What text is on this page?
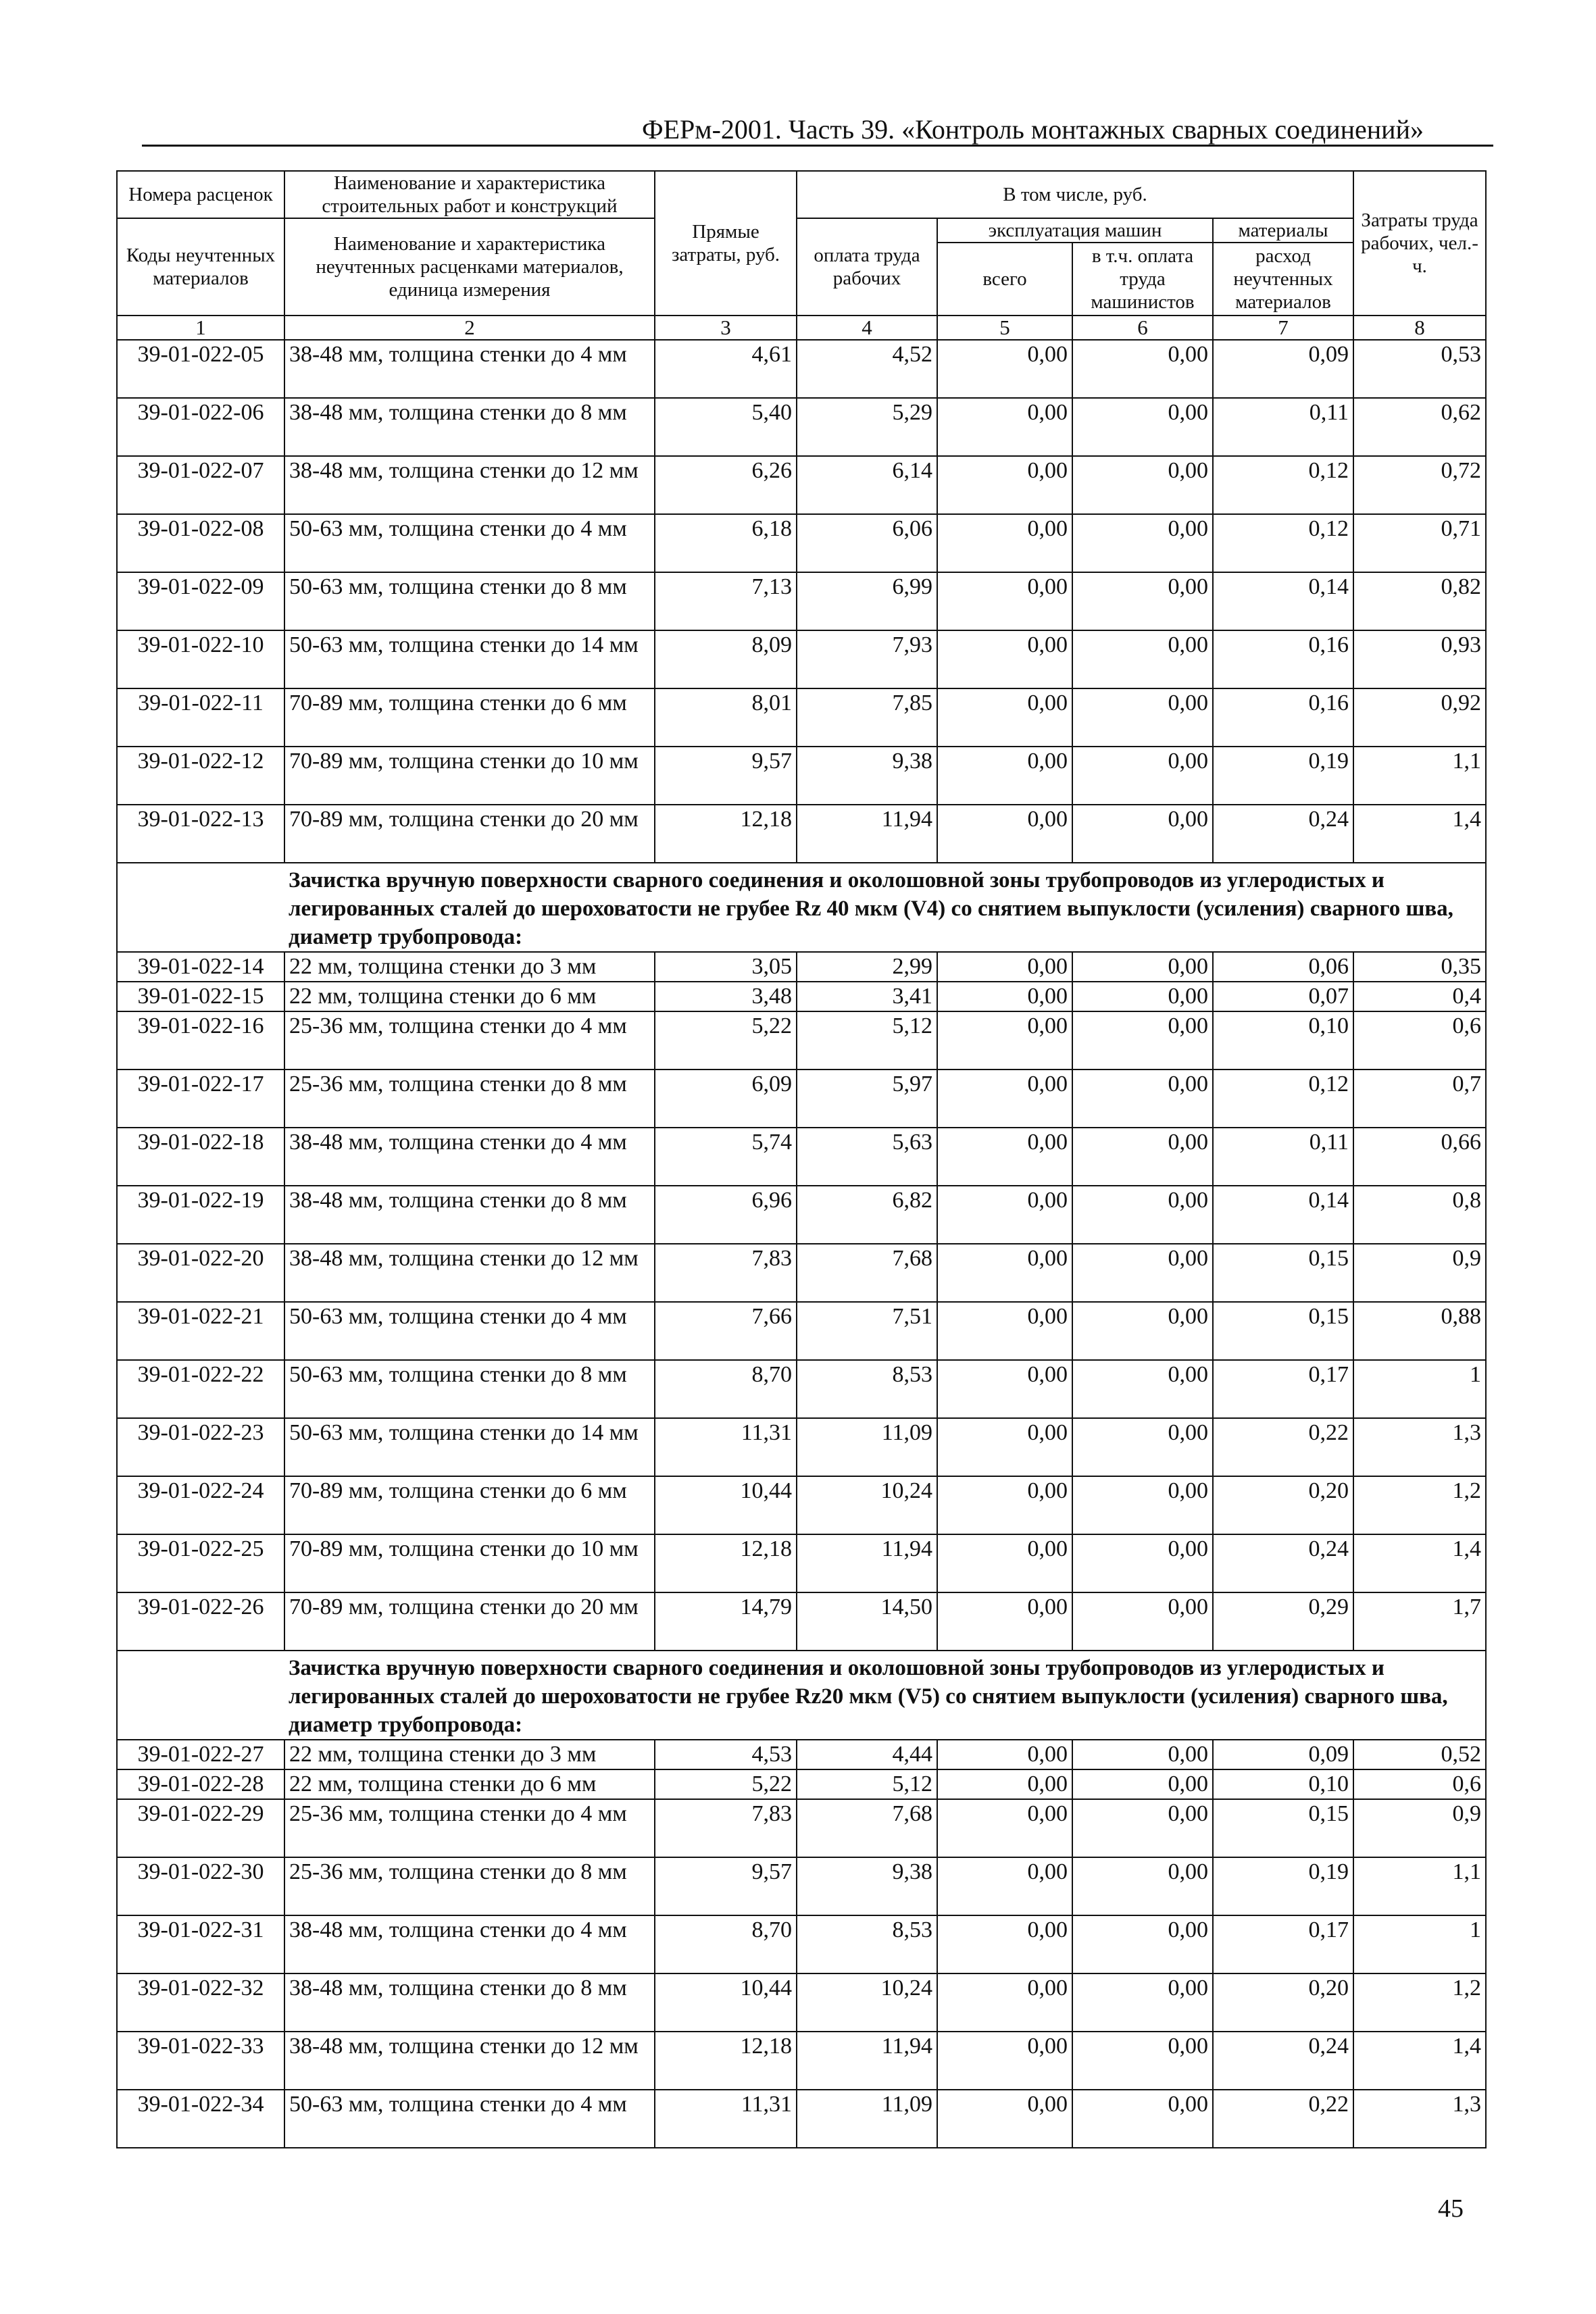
ФЕРм-2001. Часть 39. «Контроль монтажных сварных соединений»
Номера расценок	Наименование и характеристика строительных работ и конструкций	Прямые затраты, руб.	В том числе, руб.				Затраты труда рабочих, чел.-ч.
Коды неучтенных материалов	Наименование и характеристика неучтенных расценками материалов, единица измерения		оплата труда рабочих	эксплуатация машин		материалы	
				всего	в т.ч. оплата труда машинистов	расход неучтенных материалов	

1	2	3	4	5	6	7	8
39-01-022-05	38-48 мм, толщина стенки до 4 мм	4,61	4,52	0,00	0,00	0,09	0,53
39-01-022-06	38-48 мм, толщина стенки до 8 мм	5,40	5,29	0,00	0,00	0,11	0,62
39-01-022-07	38-48 мм, толщина стенки до 12 мм	6,26	6,14	0,00	0,00	0,12	0,72
39-01-022-08	50-63 мм, толщина стенки до 4 мм	6,18	6,06	0,00	0,00	0,12	0,71
39-01-022-09	50-63 мм, толщина стенки до 8 мм	7,13	6,99	0,00	0,00	0,14	0,82
39-01-022-10	50-63 мм, толщина стенки до 14 мм	8,09	7,93	0,00	0,00	0,16	0,93
39-01-022-11	70-89 мм, толщина стенки до 6 мм	8,01	7,85	0,00	0,00	0,16	0,92
39-01-022-12	70-89 мм, толщина стенки до 10 мм	9,57	9,38	0,00	0,00	0,19	1,1
39-01-022-13	70-89 мм, толщина стенки до 20 мм	12,18	11,94	0,00	0,00	0,24	1,4
	Зачистка вручную поверхности сварного соединения и околошовной зоны трубопроводов из углеродистых и легированных сталей до шероховатости не грубее Rz 40 мкм (V4) со снятием выпуклости (усиления) сварного шва, диаметр трубопровода:						
39-01-022-14	22 мм, толщина стенки до 3 мм	3,05	2,99	0,00	0,00	0,06	0,35
39-01-022-15	22 мм, толщина стенки до 6 мм	3,48	3,41	0,00	0,00	0,07	0,4
39-01-022-16	25-36 мм, толщина стенки до 4 мм	5,22	5,12	0,00	0,00	0,10	0,6
39-01-022-17	25-36 мм, толщина стенки до 8 мм	6,09	5,97	0,00	0,00	0,12	0,7
39-01-022-18	38-48 мм, толщина стенки до 4 мм	5,74	5,63	0,00	0,00	0,11	0,66
39-01-022-19	38-48 мм, толщина стенки до 8 мм	6,96	6,82	0,00	0,00	0,14	0,8
39-01-022-20	38-48 мм, толщина стенки до 12 мм	7,83	7,68	0,00	0,00	0,15	0,9
39-01-022-21	50-63 мм, толщина стенки до 4 мм	7,66	7,51	0,00	0,00	0,15	0,88
39-01-022-22	50-63 мм, толщина стенки до 8 мм	8,70	8,53	0,00	0,00	0,17	1
39-01-022-23	50-63 мм, толщина стенки до 14 мм	11,31	11,09	0,00	0,00	0,22	1,3
39-01-022-24	70-89 мм, толщина стенки до 6 мм	10,44	10,24	0,00	0,00	0,20	1,2
39-01-022-25	70-89 мм, толщина стенки до 10 мм	12,18	11,94	0,00	0,00	0,24	1,4
39-01-022-26	70-89 мм, толщина стенки до 20 мм	14,79	14,50	0,00	0,00	0,29	1,7
	Зачистка вручную поверхности сварного соединения и околошовной зоны трубопроводов из углеродистых и легированных сталей до шероховатости не грубее Rz20 мкм (V5) со снятием выпуклости (усиления) сварного шва, диаметр трубопровода:						
39-01-022-27	22 мм, толщина стенки до 3 мм	4,53	4,44	0,00	0,00	0,09	0,52
39-01-022-28	22 мм, толщина стенки до 6 мм	5,22	5,12	0,00	0,00	0,10	0,6
39-01-022-29	25-36 мм, толщина стенки до 4 мм	7,83	7,68	0,00	0,00	0,15	0,9
39-01-022-30	25-36 мм, толщина стенки до 8 мм	9,57	9,38	0,00	0,00	0,19	1,1
39-01-022-31	38-48 мм, толщина стенки до 4 мм	8,70	8,53	0,00	0,00	0,17	1
39-01-022-32	38-48 мм, толщина стенки до 8 мм	10,44	10,24	0,00	0,00	0,20	1,2
39-01-022-33	38-48 мм, толщина стенки до 12 мм	12,18	11,94	0,00	0,00	0,24	1,4
39-01-022-34	50-63 мм, толщина стенки до 4 мм	11,31	11,09	0,00	0,00	0,22	1,3
45
